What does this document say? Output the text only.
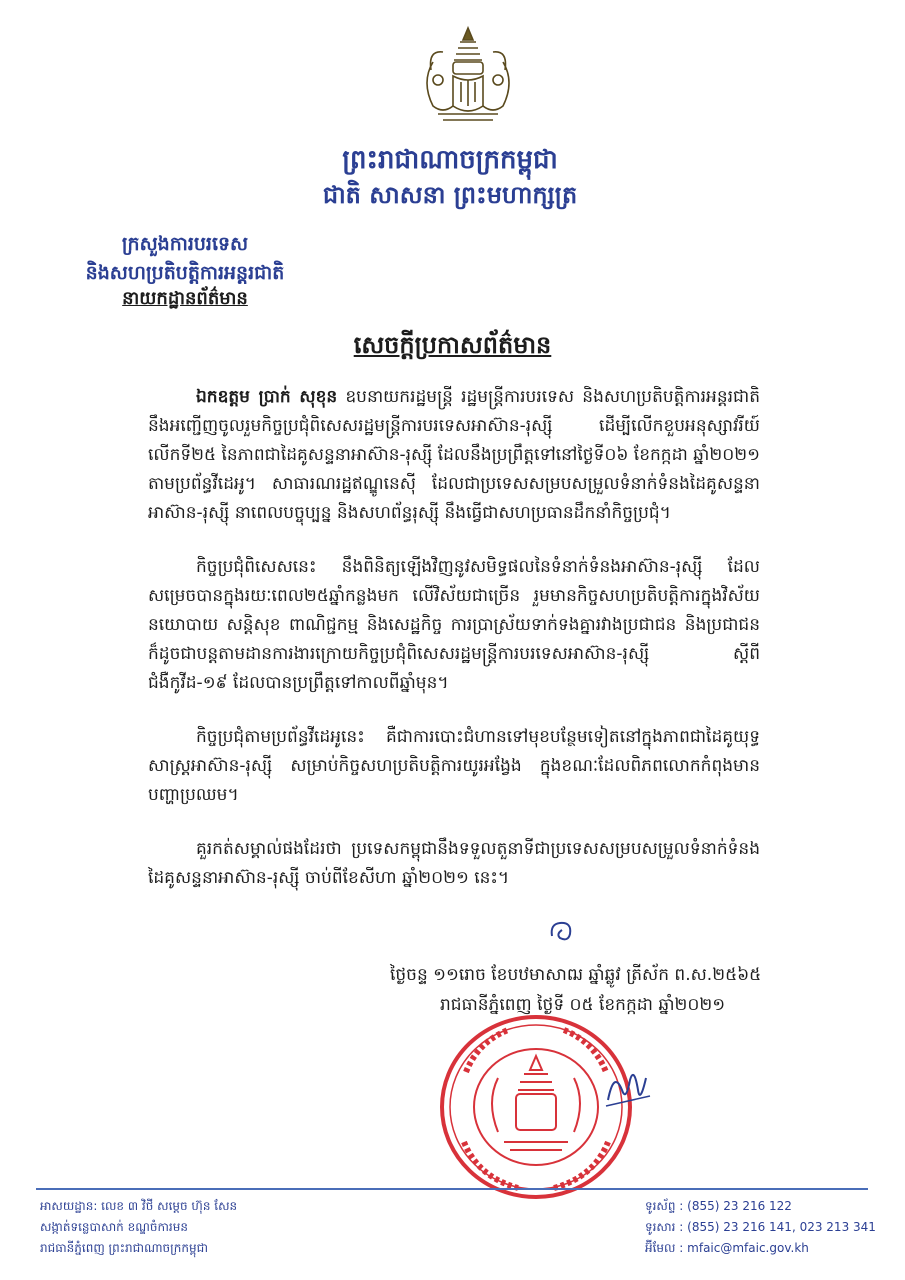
ព្រះរាជាណាចក្រកម្ពុជា
ជាតិ សាសនា ព្រះមហាក្សត្រ
ក្រសួងការបរទេស
និងសហប្រតិបត្តិការអន្តរជាតិ
នាយកដ្ឋានព័ត៌មាន
សេចក្តីប្រកាសព័ត៌មាន

ឯកឧត្តម ប្រាក់ សុខុន ឧបនាយករដ្ឋមន្ត្រី រដ្ឋមន្ត្រីការបរទេស និងសហប្រតិបត្តិការអន្តរជាតិ នឹងអញ្ជើញចូលរួមកិច្ចប្រជុំពិសេសរដ្ឋមន្ត្រីការបរទេសអាស៊ាន-រុស្ស៊ី ដើម្បីលើកខួបអនុស្សាវរីយ៍លើកទី២៥ នៃភាពជាដៃគូសន្ទនាអាស៊ាន-រុស្ស៊ី ដែលនឹងប្រព្រឹត្តទៅនៅថ្ងៃទី០៦ ខែកក្កដា ឆ្នាំ២០២១ តាមប្រព័ន្ធវីដេអូ។ សាធារណរដ្ឋឥណ្ឌូនេស៊ី ដែលជាប្រទេសសម្របសម្រួលទំនាក់ទំនងដៃគូសន្ទនាអាស៊ាន-រុស្ស៊ី នាពេលបច្ចុប្បន្ន និងសហព័ន្ធរុស្ស៊ី នឹងធ្វើជាសហប្រធានដឹកនាំកិច្ចប្រជុំ។

កិច្ចប្រជុំពិសេសនេះ នឹងពិនិត្យឡើងវិញនូវសមិទ្ធផលនៃទំនាក់ទំនងអាស៊ាន-រុស្ស៊ី ដែលសម្រេចបានក្នុងរយៈពេល២៥ឆ្នាំកន្លងមក លើវិស័យជាច្រើន រួមមានកិច្ចសហប្រតិបត្តិការក្នុងវិស័យនយោបាយ សន្តិសុខ ពាណិជ្ជកម្ម និងសេដ្ឋកិច្ច ការប្រាស្រ័យទាក់ទងគ្នារវាងប្រជាជន និងប្រជាជន ក៏ដូចជាបន្តតាមដានការងារក្រោយកិច្ចប្រជុំពិសេសរដ្ឋមន្ត្រីការបរទេសអាស៊ាន-រុស្ស៊ី ស្តីពីជំងឺកូវីដ-១៩ ដែលបានប្រព្រឹត្តទៅកាលពីឆ្នាំមុន។

កិច្ចប្រជុំតាមប្រព័ន្ធវីដេអូនេះ គឺជាការបោះជំហានទៅមុខបន្ថែមទៀតនៅក្នុងភាពជាដៃគូយុទ្ធសាស្ត្រអាស៊ាន-រុស្ស៊ី សម្រាប់កិច្ចសហប្រតិបត្តិការយូរអង្វែង ក្នុងខណៈដែលពិភពលោកកំពុងមានបញ្ហាប្រឈម។

គួរកត់សម្គាល់ផងដែរថា ប្រទេសកម្ពុជានឹងទទួលតួនាទីជាប្រទេសសម្របសម្រួលទំនាក់ទំនងដៃគូសន្ទនាអាស៊ាន-រុស្ស៊ី ចាប់ពីខែសីហា ឆ្នាំ២០២១ នេះ។

ថ្ងៃចន្ទ ១១រោច ខែបឋមាសាឍ ឆ្នាំឆ្លូវ ត្រីស័ក ព.ស.២៥៦៥
រាជធានីភ្នំពេញ ថ្ងៃទី ០៥ ខែកក្កដា ឆ្នាំ២០២១
អាសយដ្ឋាន: លេខ ៣ វិថី សម្តេច ហ៊ុន សែន
សង្កាត់ទន្លេបាសាក់ ខណ្ឌចំការមន
រាជធានីភ្នំពេញ ព្រះរាជាណាចក្រកម្ពុជា
ទូរស័ព្ទ : (855) 23 216 122
ទូរសារ : (855) 23 216 141, 023 213 341
អ៊ីមែល : mfaic@mfaic.gov.kh
